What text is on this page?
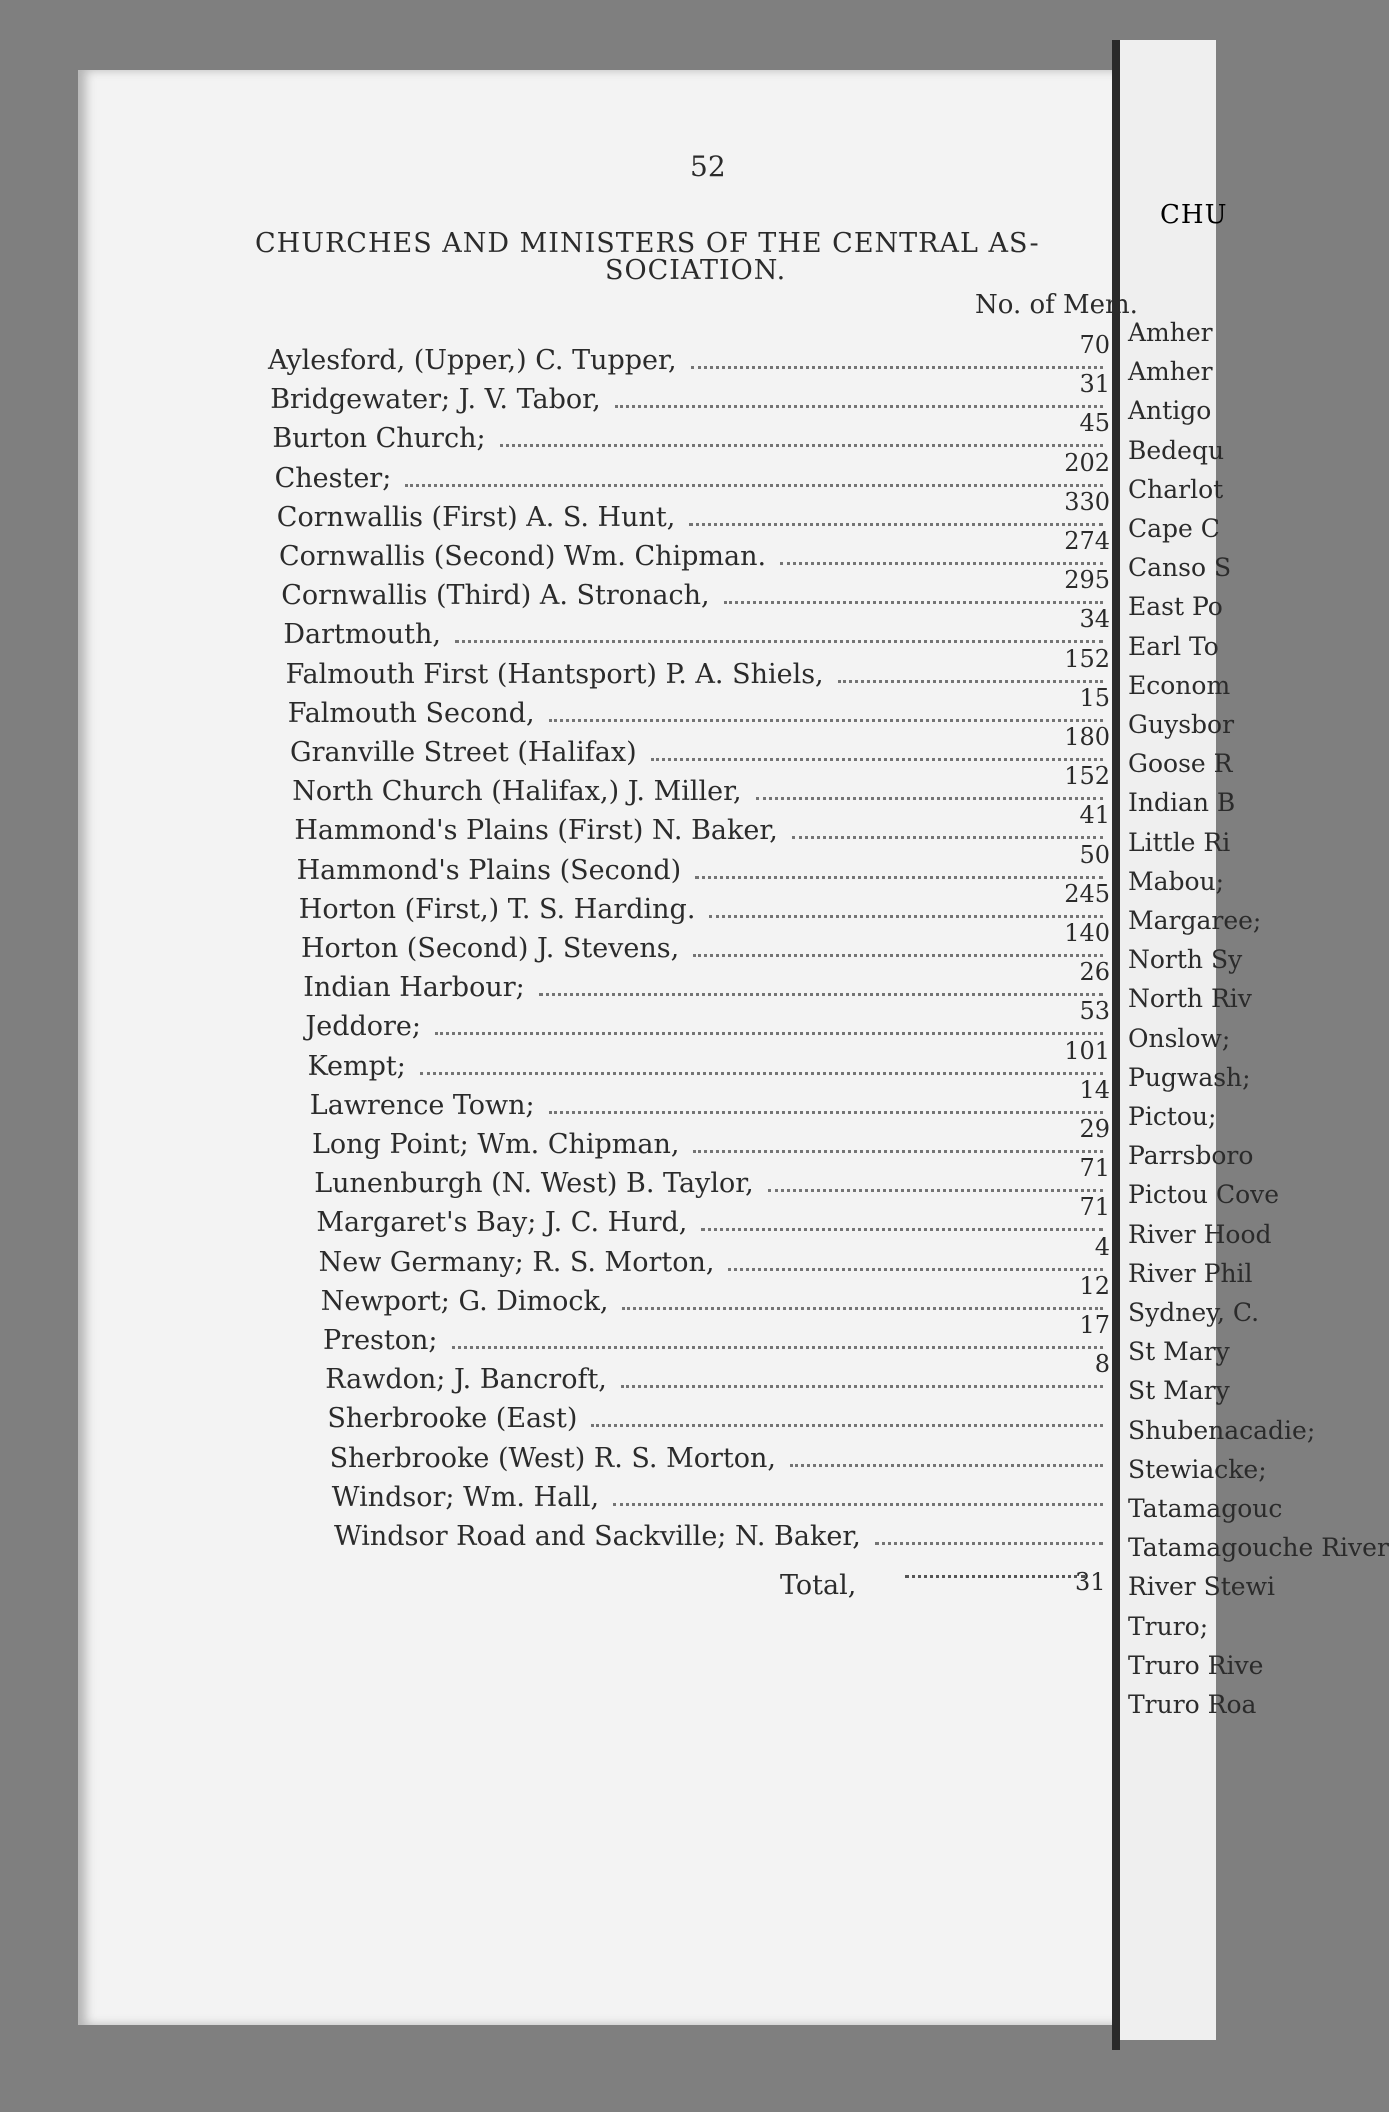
52
CHURCHES AND MINISTERS OF THE CENTRAL AS-
SOCIATION.
No. of Mem.
Aylesford, (Upper,) C. Tupper,	70
Bridgewater; J. V. Tabor,	31
Burton Church;	45
Chester;	202
Cornwallis (First) A. S. Hunt,	330
Cornwallis (Second) Wm. Chipman.	274
Cornwallis (Third) A. Stronach,	295
Dartmouth,	34
Falmouth First (Hantsport) P. A. Shiels,	152
Falmouth Second,	15
Granville Street (Halifax)	180
North Church (Halifax,) J. Miller,	152
Hammond's Plains (First) N. Baker,	41
Hammond's Plains (Second)	50
Horton (First,) T. S. Harding.	245
Horton (Second) J. Stevens,	140
Indian Harbour;	26
Jeddore;	53
Kempt;	101
Lawrence Town;	14
Long Point; Wm. Chipman,	29
Lunenburgh (N. West) B. Taylor,	71
Margaret's Bay; J. C. Hurd,	71
New Germany; R. S. Morton,	4
Newport; G. Dimock,	12
Preston;	17
Rawdon; J. Bancroft,	8
Sherbrooke (East)
Sherbrooke (West) R. S. Morton,
Windsor; Wm. Hall,
Windsor Road and Sackville; N. Baker,
Total,	31
CHU
Amher
Amher
Antigo
Bedequ
Charlot
Cape C
Canso S
East Po
Earl To
Econom
Guysbor
Goose R
Indian B
Little Ri
Mabou;
Margaree;
North Sy
North Riv
Onslow;
Pugwash;
Pictou;
Parrsboro
Pictou Cove
River Hood
River Phil
Sydney, C.
St Mary
St Mary
Shubenacadie;
Stewiacke;
Tatamagouc
Tatamagouche River
River Stewi
Truro;
Truro Rive
Truro Roa
